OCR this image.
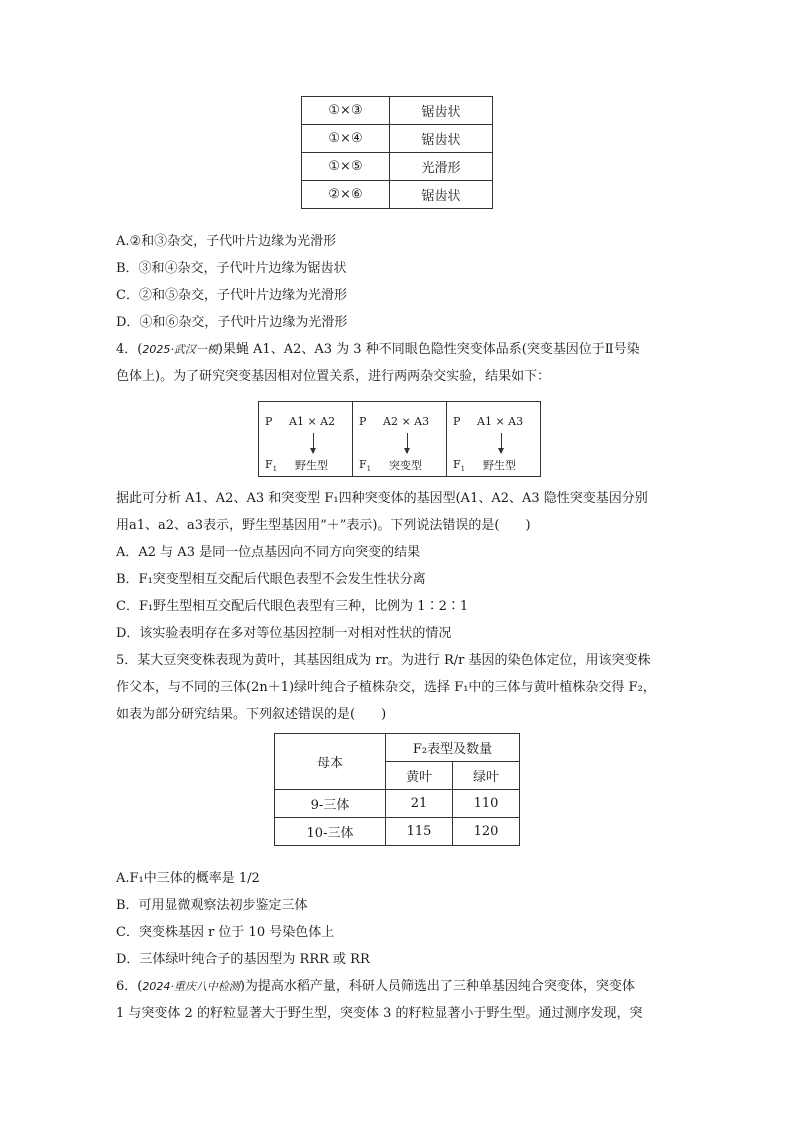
①×③	锯齿状
①×④	锯齿状
①×⑤	光滑形
②×⑥	锯齿状
A.②和③杂交，子代叶片边缘为光滑形
B．③和④杂交，子代叶片边缘为锯齿状
C．②和⑤杂交，子代叶片边缘为光滑形
D．④和⑥杂交，子代叶片边缘为光滑形
4．(2025·武汉一模)果蝇 A1、A2、A3 为 3 种不同眼色隐性突变体品系(突变基因位于Ⅱ号染
色体上)。为了研究突变基因相对位置关系，进行两两杂交实验，结果如下：
P A1 × A2
$F_1$ 野生型
P A2 × A3
$F_1$ 突变型
P A1 × A3
$F_1$ 野生型
据此可分析 A1、A2、A3 和突变型 F₁四种突变体的基因型(A1、A2、A3 隐性突变基因分别
用a1、a2、a3表示，野生型基因用“＋”表示)。下列说法错误的是(　　)
A．A2 与 A3 是同一位点基因向不同方向突变的结果
B．F₁突变型相互交配后代眼色表型不会发生性状分离
C．F₁野生型相互交配后代眼色表型有三种，比例为 1∶2∶1
D．该实验表明存在多对等位基因控制一对相对性状的情况
5．某大豆突变株表现为黄叶，其基因组成为 rr。为进行 R/r 基因的染色体定位，用该突变株
作父本，与不同的三体(2n＋1)绿叶纯合子植株杂交，选择 F₁中的三体与黄叶植株杂交得 F₂，
如表为部分研究结果。下列叙述错误的是(　　)
母本	F₂表型及数量	
	黄叶	绿叶
9-三体	21	110
10-三体	115	120
A.F₁中三体的概率是 1/2
B．可用显微观察法初步鉴定三体
C．突变株基因 r 位于 10 号染色体上
D．三体绿叶纯合子的基因型为 RRR 或 RR
6．(2024·重庆八中检测)为提高水稻产量，科研人员筛选出了三种单基因纯合突变体，突变体
1 与突变体 2 的籽粒显著大于野生型，突变体 3 的籽粒显著小于野生型。通过测序发现，突
